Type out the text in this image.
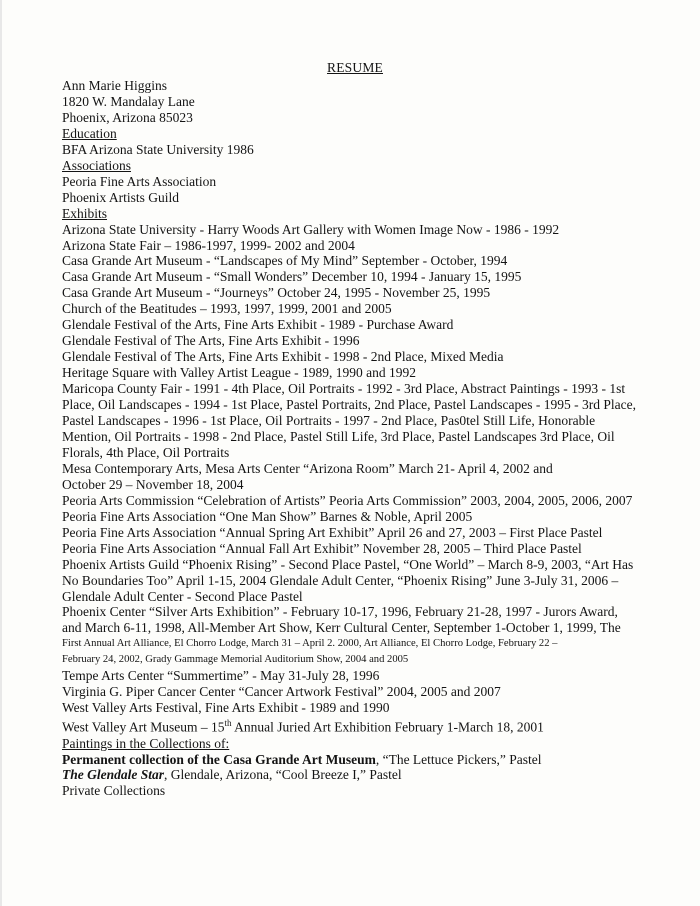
RESUME
Ann Marie Higgins
1820 W. Mandalay Lane
Phoenix, Arizona 85023
Education
BFA Arizona State University 1986
Associations
Peoria Fine Arts Association
Phoenix Artists Guild
Exhibits
Arizona State University - Harry Woods Art Gallery with Women Image Now - 1986 - 1992
Arizona State Fair – 1986-1997, 1999- 2002 and 2004
Casa Grande Art Museum - “Landscapes of My Mind” September - October, 1994
Casa Grande Art Museum - “Small Wonders” December 10, 1994 - January 15, 1995
Casa Grande Art Museum - “Journeys” October 24, 1995 - November 25, 1995
Church of the Beatitudes – 1993, 1997, 1999, 2001 and 2005
Glendale Festival of the Arts, Fine Arts Exhibit - 1989 - Purchase Award
Glendale Festival of The Arts, Fine Arts Exhibit - 1996
Glendale Festival of The Arts, Fine Arts Exhibit - 1998 - 2nd Place, Mixed Media
Heritage Square with Valley Artist League - 1989, 1990 and 1992
Maricopa County Fair - 1991 - 4th Place, Oil Portraits - 1992 - 3rd Place, Abstract Paintings - 1993 - 1st
Place, Oil Landscapes - 1994 - 1st Place, Pastel Portraits, 2nd Place, Pastel Landscapes - 1995 - 3rd Place,
Pastel Landscapes - 1996 - 1st Place, Oil Portraits - 1997 - 2nd Place, Pas0tel Still Life, Honorable
Mention, Oil Portraits - 1998 - 2nd Place, Pastel Still Life, 3rd Place, Pastel Landscapes 3rd Place, Oil
Florals, 4th Place, Oil Portraits
Mesa Contemporary Arts, Mesa Arts Center “Arizona Room” March 21- April 4, 2002 and
October 29 – November 18, 2004
Peoria Arts Commission “Celebration of Artists” Peoria Arts Commission” 2003, 2004, 2005, 2006, 2007
Peoria Fine Arts Association “One Man Show” Barnes & Noble, April 2005
Peoria Fine Arts Association “Annual Spring Art Exhibit” April 26 and 27, 2003 – First Place Pastel
Peoria Fine Arts Association “Annual Fall Art Exhibit” November 28, 2005 – Third Place Pastel
Phoenix Artists Guild “Phoenix Rising” - Second Place Pastel, “One World” – March 8-9, 2003, “Art Has
No Boundaries Too” April 1-15, 2004 Glendale Adult Center, “Phoenix Rising” June 3-July 31, 2006 –
Glendale Adult Center - Second Place Pastel
Phoenix Center “Silver Arts Exhibition” - February 10-17, 1996, February 21-28, 1997 - Jurors Award,
and March 6-11, 1998, All-Member Art Show, Kerr Cultural Center, September 1-October 1, 1999, The
First Annual Art Alliance, El Chorro Lodge, March 31 – April 2. 2000, Art Alliance, El Chorro Lodge, February 22 –
February 24, 2002, Grady Gammage Memorial Auditorium Show, 2004 and 2005
Tempe Arts Center “Summertime” - May 31-July 28, 1996
Virginia G. Piper Cancer Center “Cancer Artwork Festival” 2004, 2005 and 2007
West Valley Arts Festival, Fine Arts Exhibit - 1989 and 1990
West Valley Art Museum – 15th Annual Juried Art Exhibition February 1-March 18, 2001
Paintings in the Collections of:
Permanent collection of the Casa Grande Art Museum, “The Lettuce Pickers,” Pastel
The Glendale Star, Glendale, Arizona, “Cool Breeze I,” Pastel
Private Collections
